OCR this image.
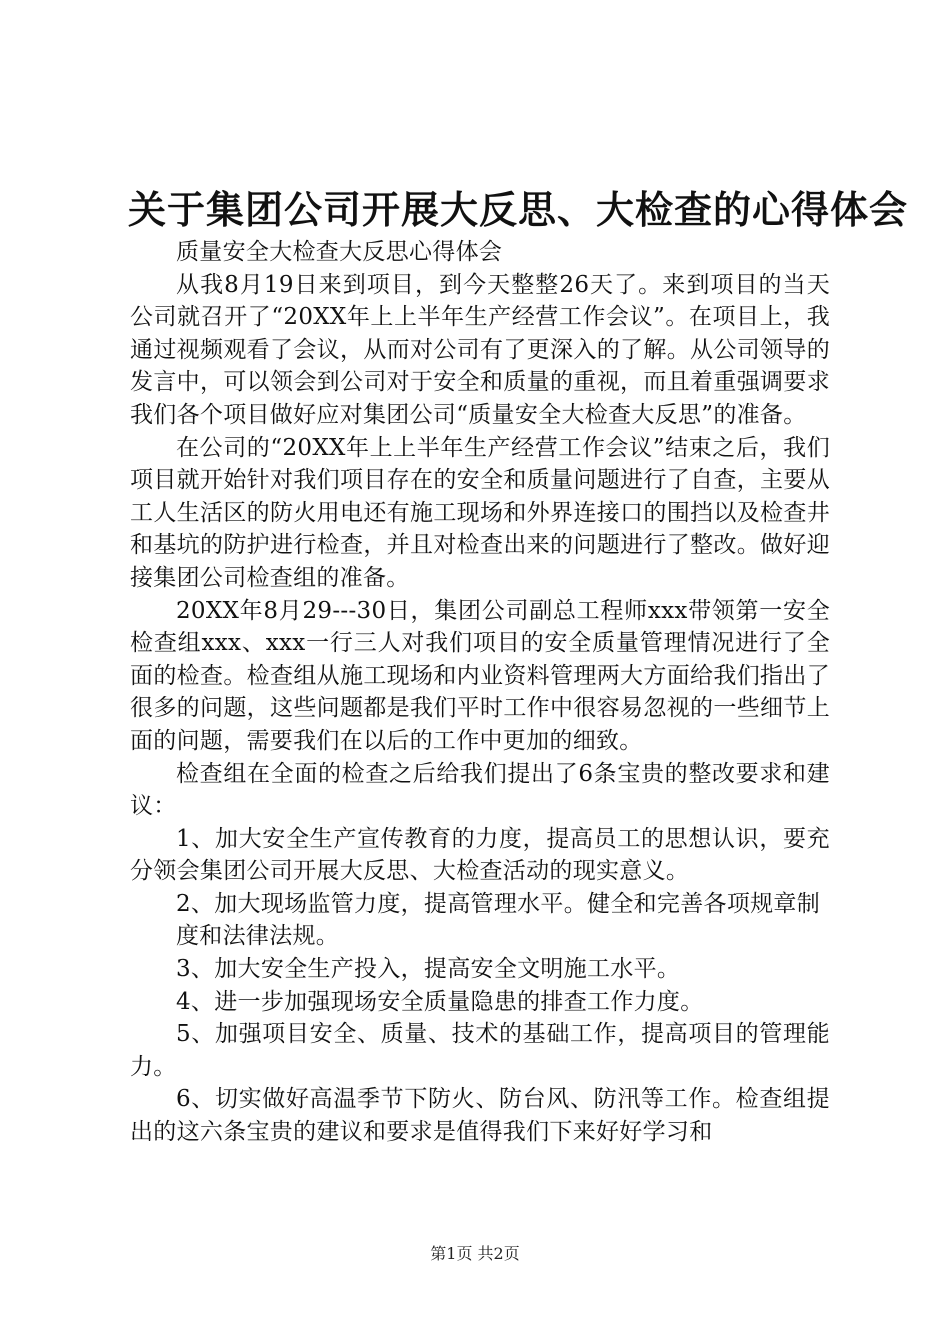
关于集团公司开展大反思、大检查的心得体会

质量安全大检查大反思心得体会

从我8月19日来到项目，到今天整整26天了。来到项目的当天公司就召开了“20XX年上上半年生产经营工作会议”。在项目上，我通过视频观看了会议，从而对公司有了更深入的了解。从公司领导的发言中，可以领会到公司对于安全和质量的重视，而且着重强调要求我们各个项目做好应对集团公司“质量安全大检查大反思”的准备。

在公司的“20XX年上上半年生产经营工作会议”结束之后，我们项目就开始针对我们项目存在的安全和质量问题进行了自查，主要从工人生活区的防火用电还有施工现场和外界连接口的围挡以及检查井和基坑的防护进行检查，并且对检查出来的问题进行了整改。做好迎接集团公司检查组的准备。

20XX年8月29---30日，集团公司副总工程师xxx带领第一安全检查组xxx、xxx一行三人对我们项目的安全质量管理情况进行了全面的检查。检查组从施工现场和内业资料管理两大方面给我们指出了很多的问题，这些问题都是我们平时工作中很容易忽视的一些细节上面的问题，需要我们在以后的工作中更加的细致。

检查组在全面的检查之后给我们提出了6条宝贵的整改要求和建议：

1、加大安全生产宣传教育的力度，提高员工的思想认识，要充分领会集团公司开展大反思、大检查活动的现实意义。

2、加大现场监管力度，提高管理水平。健全和完善各项规章制

度和法律法规。

3、加大安全生产投入，提高安全文明施工水平。

4、进一步加强现场安全质量隐患的排查工作力度。

5、加强项目安全、质量、技术的基础工作，提高项目的管理能力。

6、切实做好高温季节下防火、防台风、防汛等工作。检查组提出的这六条宝贵的建议和要求是值得我们下来好好学习和

第1页 共2页
